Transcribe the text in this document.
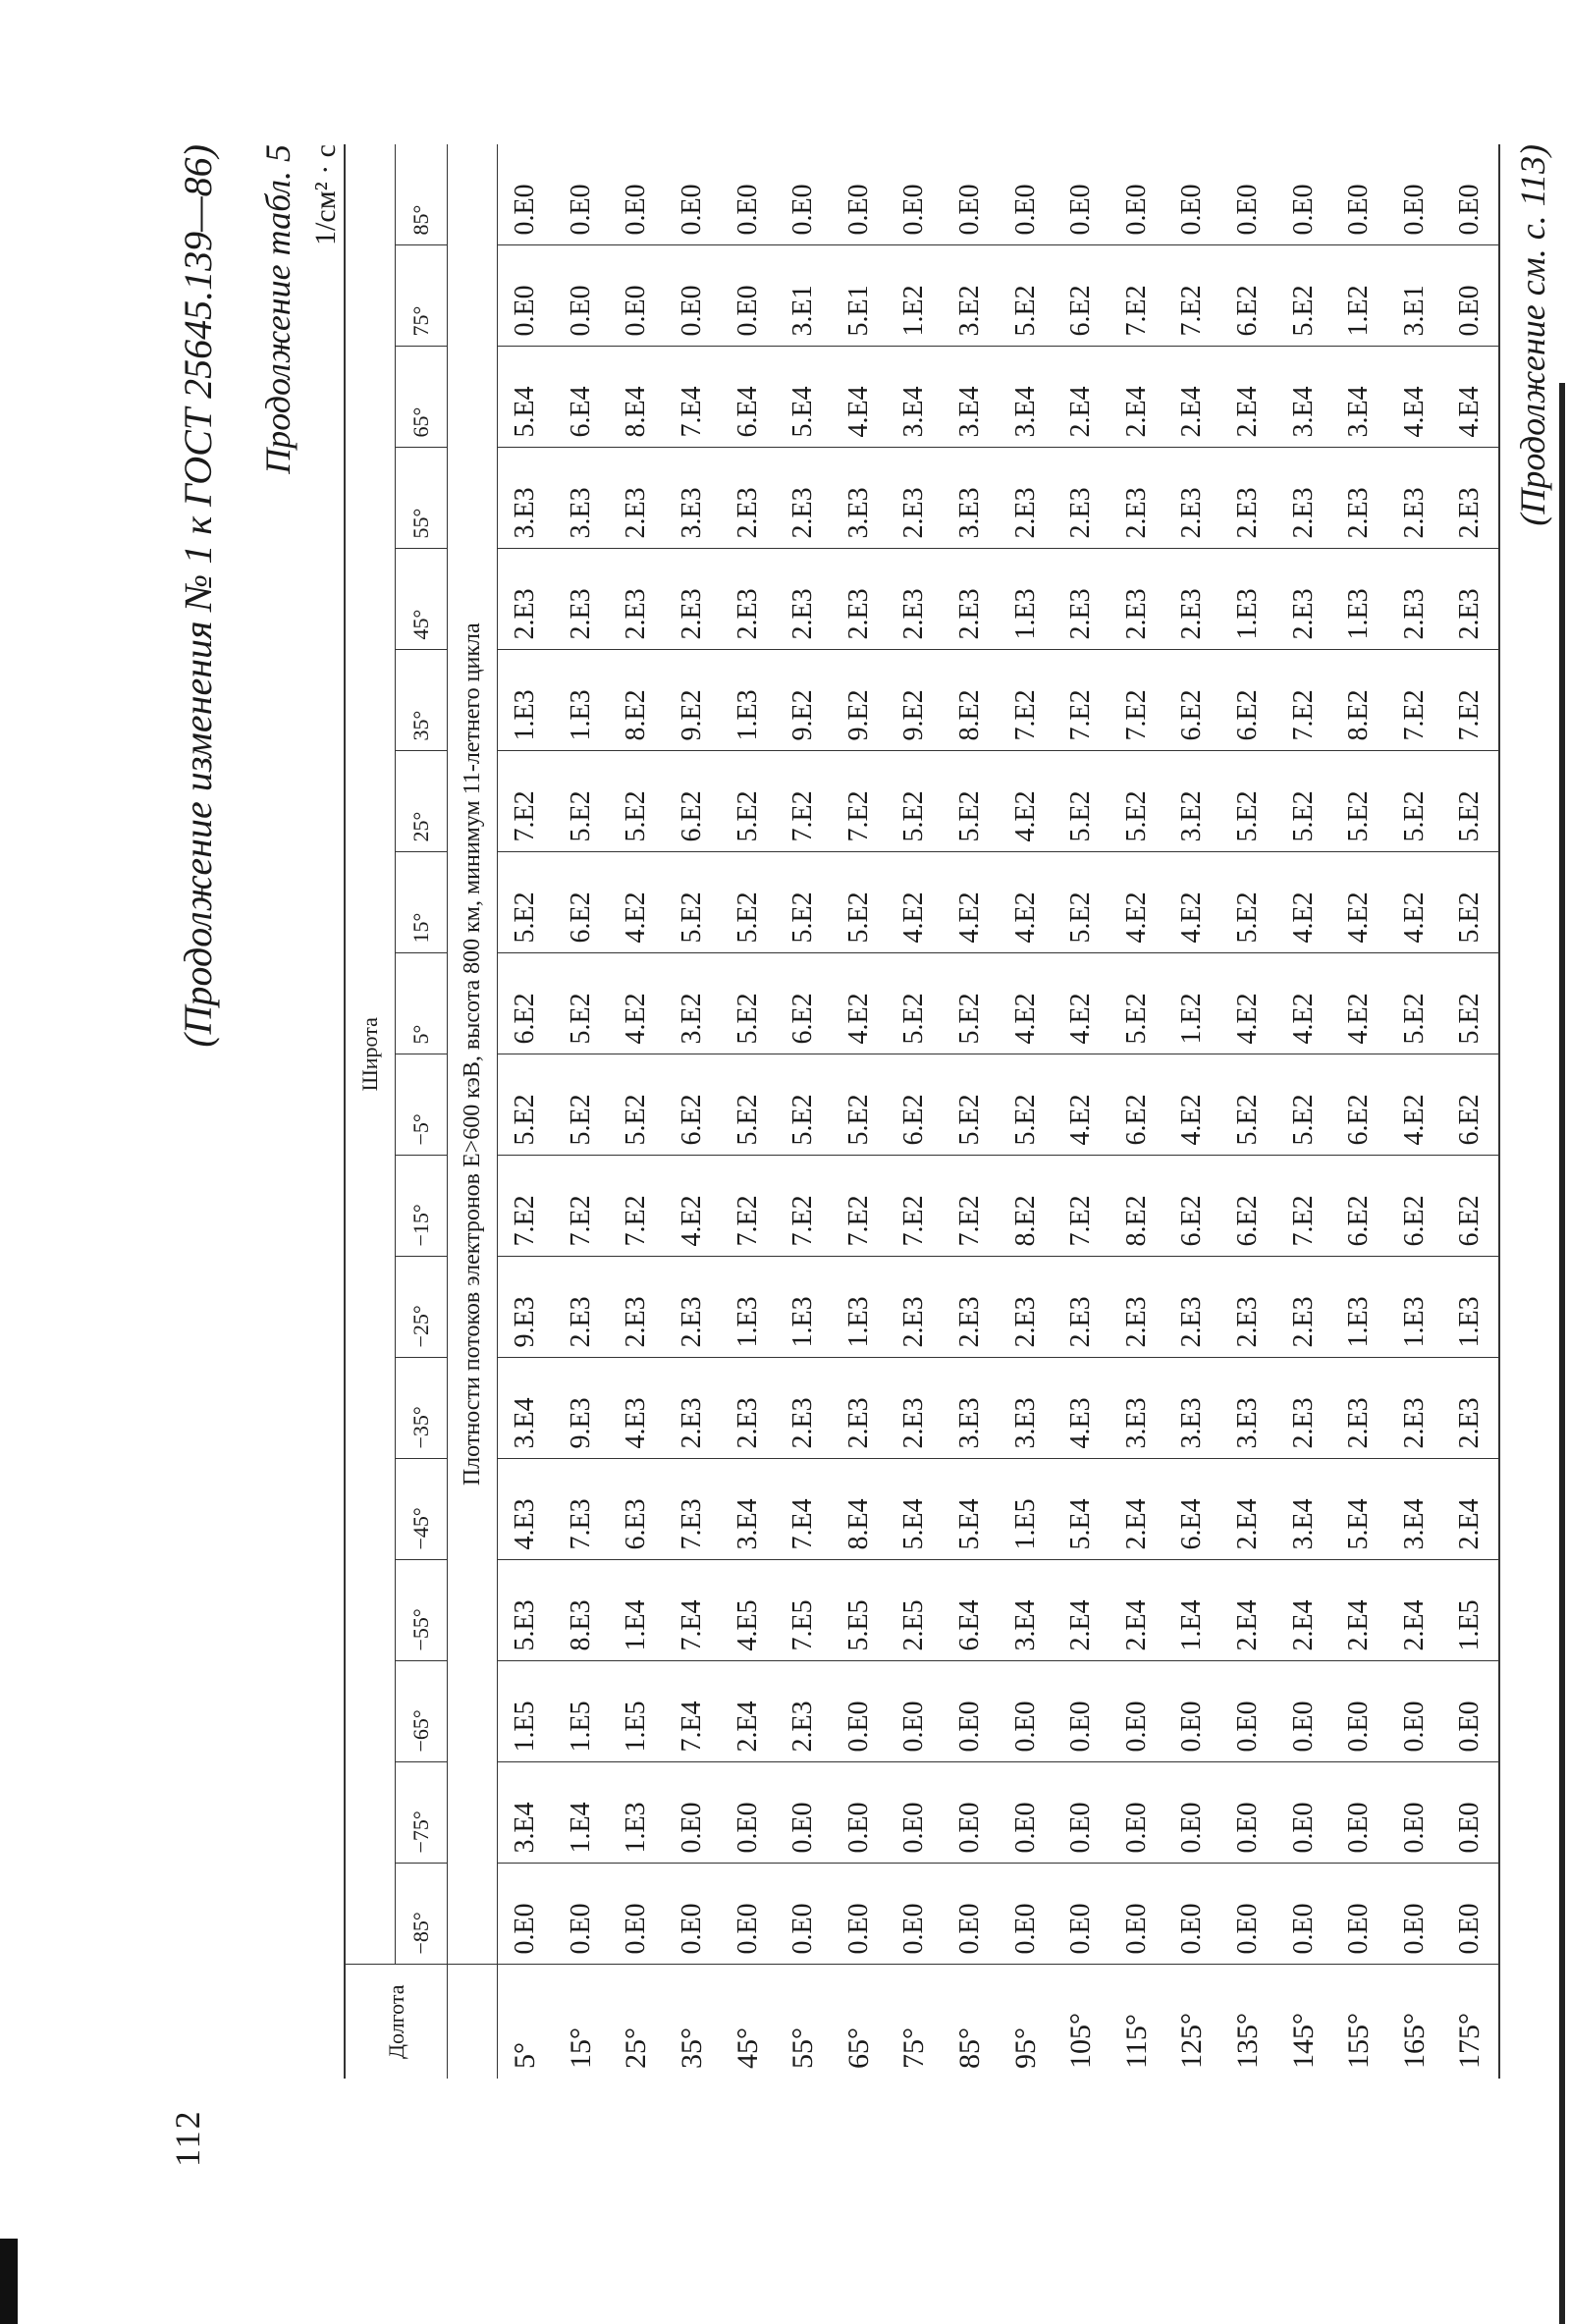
112
(Продолжение изменения № 1 к ГОСТ 25645.139—86) Продолжение табл. 5 1/см² · с
Долгота	Широта																	
	−85°	−75°	−65°	−55°	−45°	−35°	−25°	−15°	−5°	5°	15°	25°	35°	45°	55°	65°	75°	85°
	Плотности потоков электронов E>600 кэВ, высота 800 км, минимум 11-летнего цикла																	
5°	0.E0	3.E4	1.E5	5.E3	4.E3	3.E4	9.E3	7.E2	5.E2	6.E2	5.E2	7.E2	1.E3	2.E3	3.E3	5.E4	0.E0	0.E0
15°	0.E0	1.E4	1.E5	8.E3	7.E3	9.E3	2.E3	7.E2	5.E2	5.E2	6.E2	5.E2	1.E3	2.E3	3.E3	6.E4	0.E0	0.E0
25°	0.E0	1.E3	1.E5	1.E4	6.E3	4.E3	2.E3	7.E2	5.E2	4.E2	4.E2	5.E2	8.E2	2.E3	2.E3	8.E4	0.E0	0.E0
35°	0.E0	0.E0	7.E4	7.E4	7.E3	2.E3	2.E3	4.E2	6.E2	3.E2	5.E2	6.E2	9.E2	2.E3	3.E3	7.E4	0.E0	0.E0
45°	0.E0	0.E0	2.E4	4.E5	3.E4	2.E3	1.E3	7.E2	5.E2	5.E2	5.E2	5.E2	1.E3	2.E3	2.E3	6.E4	0.E0	0.E0
55°	0.E0	0.E0	2.E3	7.E5	7.E4	2.E3	1.E3	7.E2	5.E2	6.E2	5.E2	7.E2	9.E2	2.E3	2.E3	5.E4	3.E1	0.E0
65°	0.E0	0.E0	0.E0	5.E5	8.E4	2.E3	1.E3	7.E2	5.E2	4.E2	5.E2	7.E2	9.E2	2.E3	3.E3	4.E4	5.E1	0.E0
75°	0.E0	0.E0	0.E0	2.E5	5.E4	2.E3	2.E3	7.E2	6.E2	5.E2	4.E2	5.E2	9.E2	2.E3	2.E3	3.E4	1.E2	0.E0
85°	0.E0	0.E0	0.E0	6.E4	5.E4	3.E3	2.E3	7.E2	5.E2	5.E2	4.E2	5.E2	8.E2	2.E3	3.E3	3.E4	3.E2	0.E0
95°	0.E0	0.E0	0.E0	3.E4	1.E5	3.E3	2.E3	8.E2	5.E2	4.E2	4.E2	4.E2	7.E2	1.E3	2.E3	3.E4	5.E2	0.E0
105°	0.E0	0.E0	0.E0	2.E4	5.E4	4.E3	2.E3	7.E2	4.E2	4.E2	5.E2	5.E2	7.E2	2.E3	2.E3	2.E4	6.E2	0.E0
115°	0.E0	0.E0	0.E0	2.E4	2.E4	3.E3	2.E3	8.E2	6.E2	5.E2	4.E2	5.E2	7.E2	2.E3	2.E3	2.E4	7.E2	0.E0
125°	0.E0	0.E0	0.E0	1.E4	6.E4	3.E3	2.E3	6.E2	4.E2	1.E2	4.E2	3.E2	6.E2	2.E3	2.E3	2.E4	7.E2	0.E0
135°	0.E0	0.E0	0.E0	2.E4	2.E4	3.E3	2.E3	6.E2	5.E2	4.E2	5.E2	5.E2	6.E2	1.E3	2.E3	2.E4	6.E2	0.E0
145°	0.E0	0.E0	0.E0	2.E4	3.E4	2.E3	2.E3	7.E2	5.E2	4.E2	4.E2	5.E2	7.E2	2.E3	2.E3	3.E4	5.E2	0.E0
155°	0.E0	0.E0	0.E0	2.E4	5.E4	2.E3	1.E3	6.E2	6.E2	4.E2	4.E2	5.E2	8.E2	1.E3	2.E3	3.E4	1.E2	0.E0
165°	0.E0	0.E0	0.E0	2.E4	3.E4	2.E3	1.E3	6.E2	4.E2	5.E2	4.E2	5.E2	7.E2	2.E3	2.E3	4.E4	3.E1	0.E0
175°	0.E0	0.E0	0.E0	1.E5	2.E4	2.E3	1.E3	6.E2	6.E2	5.E2	5.E2	5.E2	7.E2	2.E3	2.E3	4.E4	0.E0	0.E0 (Продолжение см. с. 113)
